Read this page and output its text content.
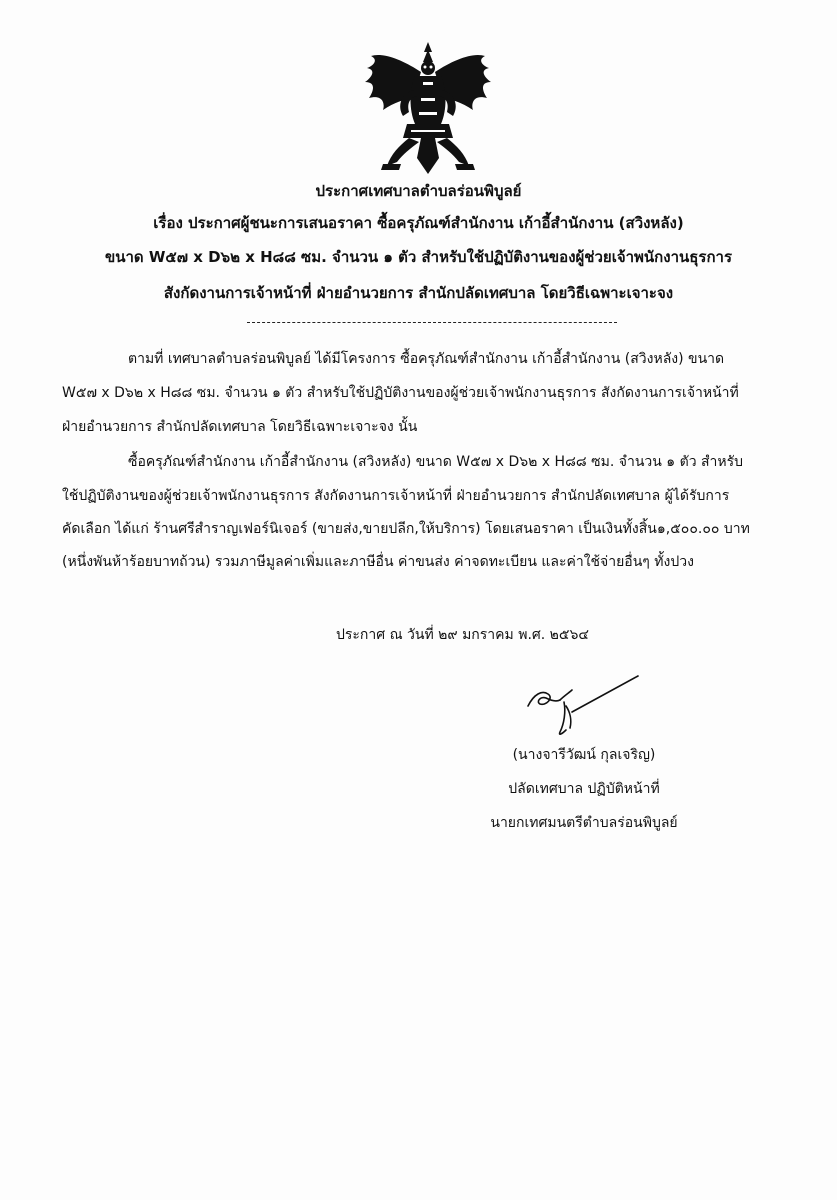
ประกาศเทศบาลตำบลร่อนพิบูลย์
เรื่อง ประกาศผู้ชนะการเสนอราคา ซื้อครุภัณฑ์สำนักงาน เก้าอี้สำนักงาน (สวิงหลัง)
ขนาด W๕๗ x D๖๒ x H๘๘ ซม. จำนวน ๑ ตัว สำหรับใช้ปฏิบัติงานของผู้ช่วยเจ้าพนักงานธุรการ
สังกัดงานการเจ้าหน้าที่ ฝ่ายอำนวยการ สำนักปลัดเทศบาล โดยวิธีเฉพาะเจาะจง
ตามที่ เทศบาลตำบลร่อนพิบูลย์ ได้มีโครงการ ซื้อครุภัณฑ์สำนักงาน เก้าอี้สำนักงาน (สวิงหลัง) ขนาด
W๕๗ x D๖๒ x H๘๘ ซม. จำนวน ๑ ตัว สำหรับใช้ปฏิบัติงานของผู้ช่วยเจ้าพนักงานธุรการ สังกัดงานการเจ้าหน้าที่
ฝ่ายอำนวยการ สำนักปลัดเทศบาล โดยวิธีเฉพาะเจาะจง นั้น
ซื้อครุภัณฑ์สำนักงาน เก้าอี้สำนักงาน (สวิงหลัง) ขนาด W๕๗ x D๖๒ x H๘๘ ซม. จำนวน ๑ ตัว สำหรับ
ใช้ปฏิบัติงานของผู้ช่วยเจ้าพนักงานธุรการ สังกัดงานการเจ้าหน้าที่ ฝ่ายอำนวยการ สำนักปลัดเทศบาล ผู้ได้รับการ
คัดเลือก ได้แก่ ร้านศรีสำราญเฟอร์นิเจอร์ (ขายส่ง,ขายปลีก,ให้บริการ) โดยเสนอราคา เป็นเงินทั้งสิ้น๑,๕๐๐.๐๐ บาท
(หนึ่งพันห้าร้อยบาทถ้วน) รวมภาษีมูลค่าเพิ่มและภาษีอื่น ค่าขนส่ง ค่าจดทะเบียน และค่าใช้จ่ายอื่นๆ ทั้งปวง
ประกาศ ณ วันที่ ๒๙ มกราคม พ.ศ. ๒๕๖๔
(นางจารีวัฒน์ กุลเจริญ)
ปลัดเทศบาล ปฏิบัติหน้าที่
นายกเทศมนตรีตำบลร่อนพิบูลย์
